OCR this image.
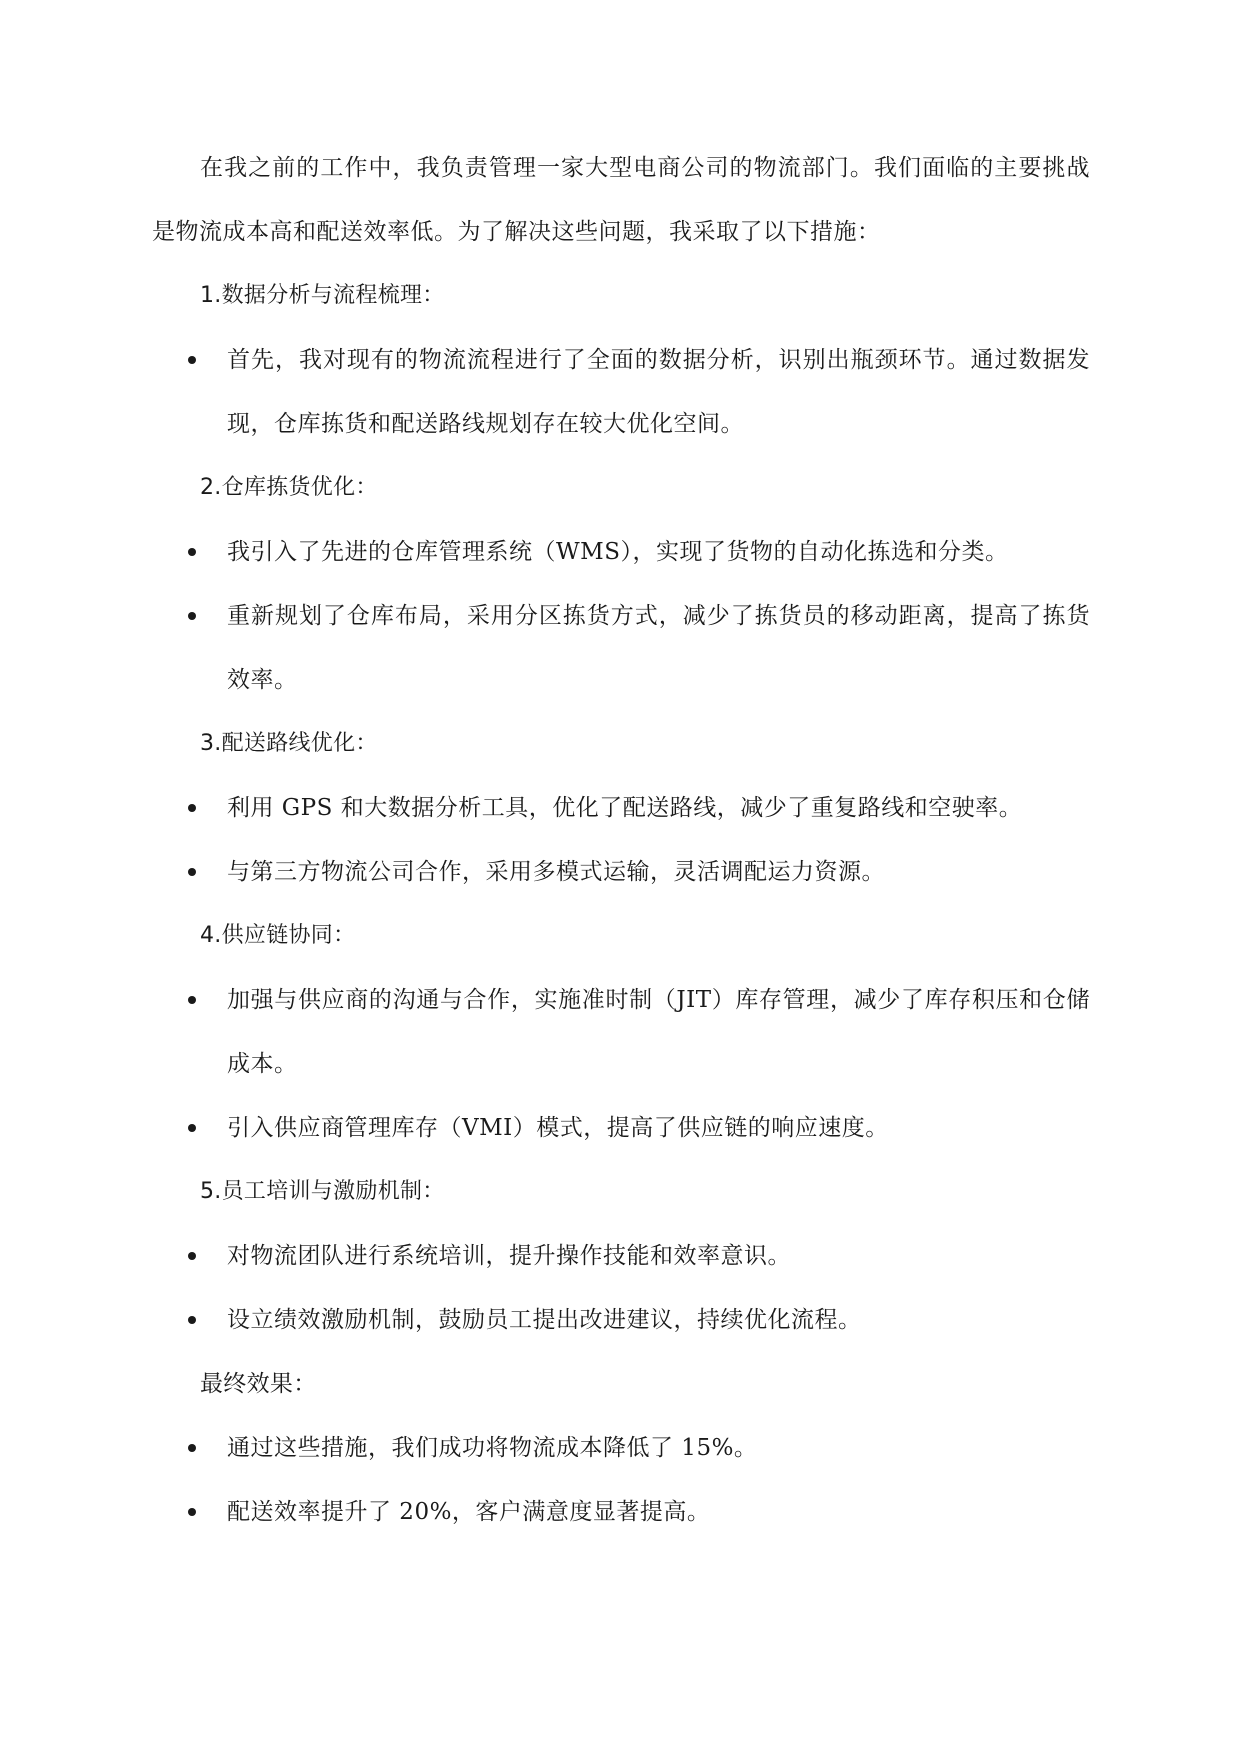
在我之前的工作中，我负责管理一家大型电商公司的物流部门。我们面临的主要挑战是物流成本高和配送效率低。为了解决这些问题，我采取了以下措施：

1.数据分析与流程梳理：

首先，我对现有的物流流程进行了全面的数据分析，识别出瓶颈环节。通过数据发现，仓库拣货和配送路线规划存在较大优化空间。

2.仓库拣货优化：

我引入了先进的仓库管理系统（WMS），实现了货物的自动化拣选和分类。
重新规划了仓库布局，采用分区拣货方式，减少了拣货员的移动距离，提高了拣货效率。

3.配送路线优化：

利用 GPS 和大数据分析工具，优化了配送路线，减少了重复路线和空驶率。
与第三方物流公司合作，采用多模式运输，灵活调配运力资源。

4.供应链协同：

加强与供应商的沟通与合作，实施准时制（JIT）库存管理，减少了库存积压和仓储成本。
引入供应商管理库存（VMI）模式，提高了供应链的响应速度。

5.员工培训与激励机制：

对物流团队进行系统培训，提升操作技能和效率意识。
设立绩效激励机制，鼓励员工提出改进建议，持续优化流程。

最终效果：

通过这些措施，我们成功将物流成本降低了 15%。
配送效率提升了 20%，客户满意度显著提高。
